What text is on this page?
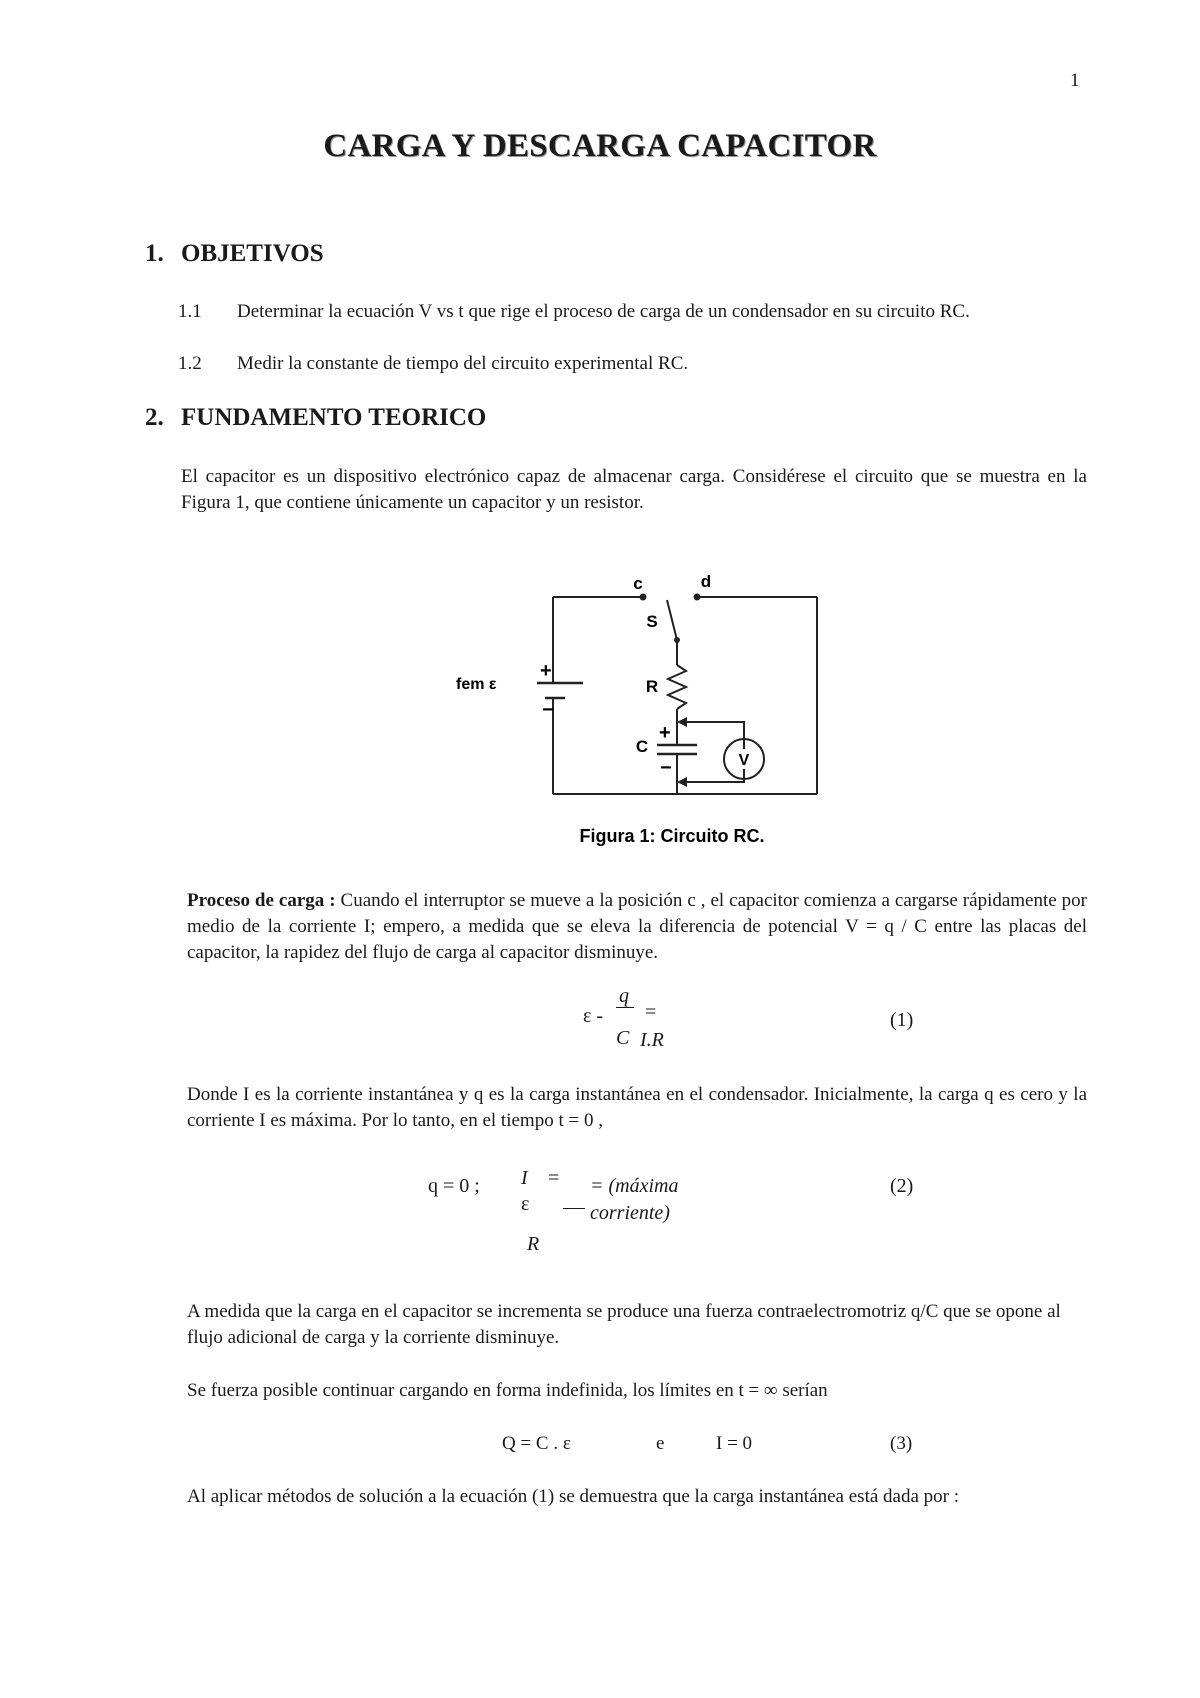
1
CARGA Y DESCARGA CAPACITOR
1. OBJETIVOS
1.1 Determinar la ecuación V vs t que rige el proceso de carga de un condensador en su circuito RC.
1.2 Medir la constante de tiempo del circuito experimental RC.
2. FUNDAMENTO TEORICO
El capacitor es un dispositivo electrónico capaz de almacenar carga. Considérese el circuito que se muestra en la Figura 1, que contiene únicamente un capacitor y un resistor.
c	d
S
R
C
fem ε
+
−
+
−	V
Figura 1: Circuito RC.
Proceso de carga : Cuando el interruptor se mueve a la posición c , el capacitor comienza a cargarse rápidamente por medio de la corriente I; empero, a medida que se eleva la diferencia de potencial V = q / C entre las placas del capacitor, la rapidez del flujo de carga al capacitor disminuye.
ε -
q
=
C I.R
(1)
Donde I es la corriente instantánea y q es la carga instantánea en el condensador. Inicialmente, la carga q es cero y la corriente I es máxima. Por lo tanto, en el tiempo t = 0 ,
q = 0 ; I =
ε
R
= (máxima
corriente)
(2)
A medida que la carga en el capacitor se incrementa se produce una fuerza contraelectromotriz q/C que se opone al flujo adicional de carga y la corriente disminuye.
Se fuerza posible continuar cargando en forma indefinida, los límites en t = ∞ serían
Q = C . ε	e	I = 0	(3)
Al aplicar métodos de solución a la ecuación (1) se demuestra que la carga instantánea está dada por :
